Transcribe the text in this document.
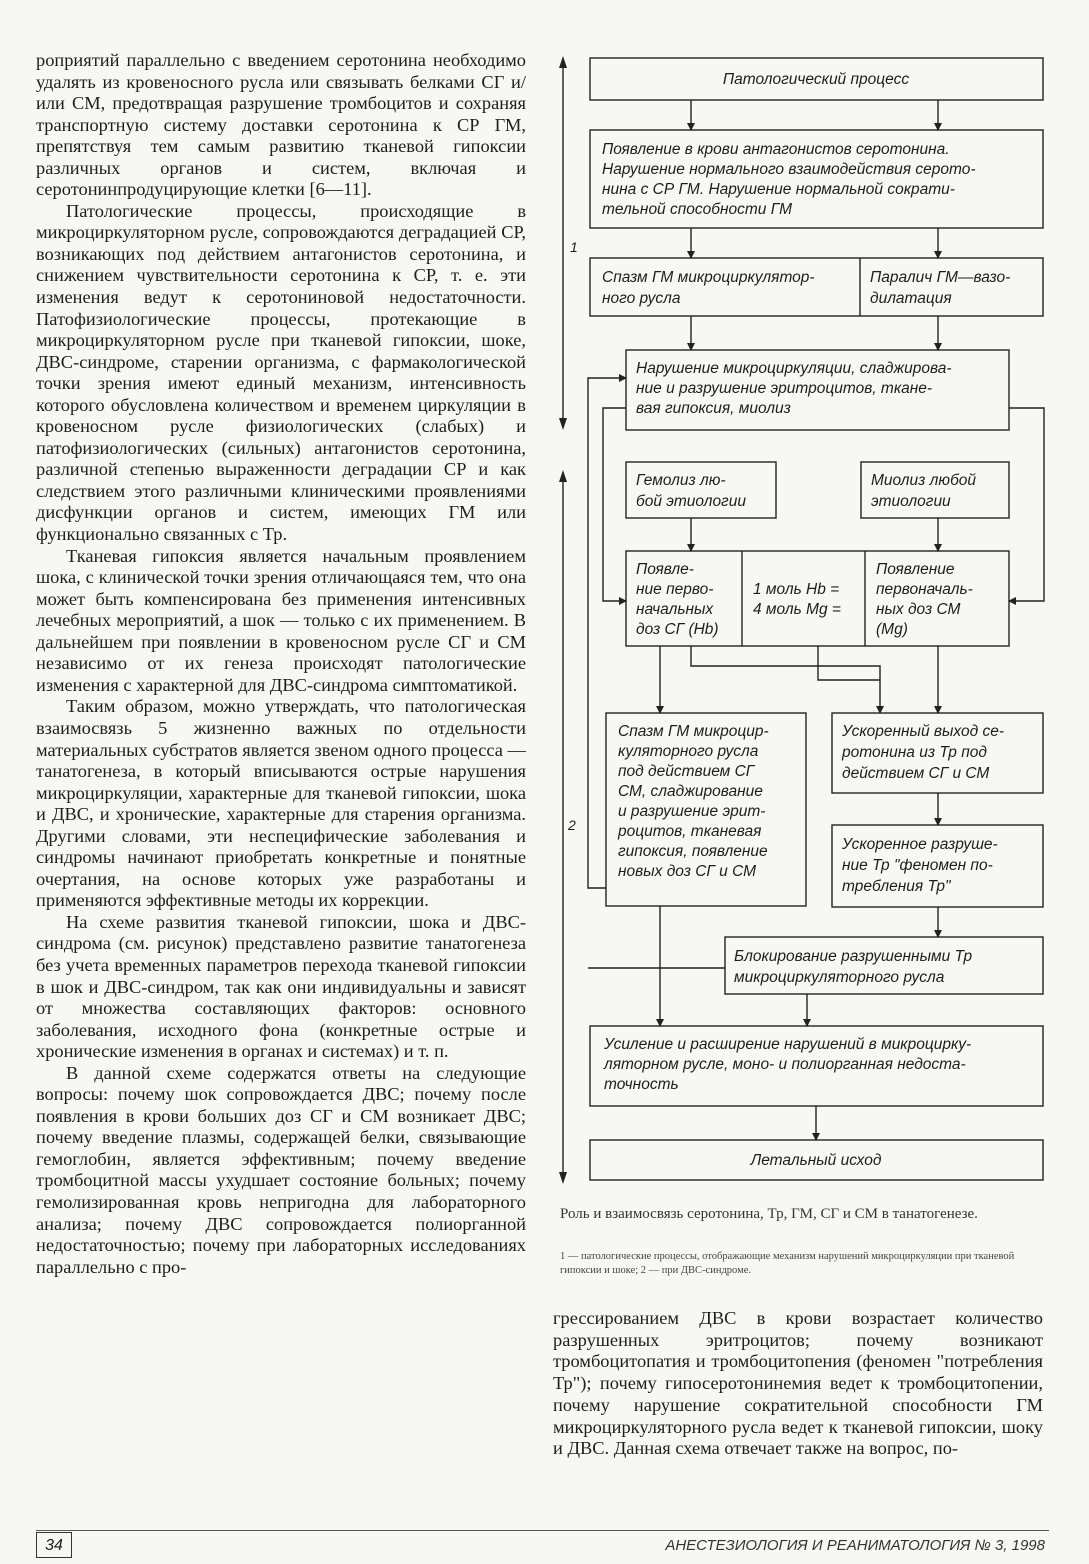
роприятий параллельно с введением серотонина необходимо удалять из кровеносного русла или связывать белками СГ и/или СМ, предотвращая разрушение тромбоцитов и сохраняя транспортную систему доставки серотонина к СР ГМ, препятствуя тем самым развитию тканевой гипоксии различных органов и систем, включая и серотонинпродуцирующие клетки [6—11].

Патологические процессы, происходящие в микроциркуляторном русле, сопровождаются деградацией СР, возникающих под действием антагонистов серотонина, и снижением чувствительности серотонина к СР, т. е. эти изменения ведут к серотониновой недостаточности. Патофизиологические процессы, протекающие в микроциркуляторном русле при тканевой гипоксии, шоке, ДВС-синдроме, старении организма, с фармакологической точки зрения имеют единый механизм, интенсивность которого обусловлена количеством и временем циркуляции в кровеносном русле физиологических (слабых) и патофизиологических (сильных) антагонистов серотонина, различной степенью выраженности деградации СР и как следствием этого различными клиническими проявлениями дисфункции органов и систем, имеющих ГМ или функционально связанных с Тр.

Тканевая гипоксия является начальным проявлением шока, с клинической точки зрения отличающаяся тем, что она может быть компенсирована без применения интенсивных лечебных мероприятий, а шок — только с их применением. В дальнейшем при появлении в кровеносном русле СГ и СМ независимо от их генеза происходят патологические изменения с характерной для ДВС-синдрома симптоматикой.

Таким образом, можно утверждать, что патологическая взаимосвязь 5 жизненно важных по отдельности материальных субстратов является звеном одного процесса — танатогенеза, в который вписываются острые нарушения микроциркуляции, характерные для тканевой гипоксии, шока и ДВС, и хронические, характерные для старения организма. Другими словами, эти неспецифические заболевания и синдромы начинают приобретать конкретные и понятные очертания, на основе которых уже разработаны и применяются эффективные методы их коррекции.

На схеме развития тканевой гипоксии, шока и ДВС-синдрома (см. рисунок) представлено развитие танатогенеза без учета временных параметров перехода тканевой гипоксии в шок и ДВС-синдром, так как они индивидуальны и зависят от множества составляющих факторов: основного заболевания, исходного фона (конкретные острые и хронические изменения в органах и системах) и т. п.

В данной схеме содержатся ответы на следующие вопросы: почему шок сопровождается ДВС; почему после появления в крови больших доз СГ и СМ возникает ДВС; почему введение плазмы, содержащей белки, связывающие гемоглобин, является эффективным; почему введение тромбоцитной массы ухудшает состояние больных; почему гемолизированная кровь непригодна для лабораторного анализа; почему ДВС сопровождается полиорганной недостаточностью; почему при лабораторных исследованиях параллельно с про-

Патологический процесс
Появление в крови антагонистов серотонина.
Нарушение нормального взаимодействия серото-
нина с СР ГМ. Нарушение нормальной сократи-
тельной способности ГМ
Спазм ГМ микроциркулятор-
ного русла
Паралич ГМ—вазо-
дилатация
Нарушение микроциркуляции, сладжирова-
ние и разрушение эритроцитов, ткане-
вая гипоксия, миолиз
Гемолиз лю-
бой этиологии
Миолиз любой
этиологии
Появле-
ние перво-
начальных
доз СГ (Hb)
1 моль Hb =
4 моль Mg =
Появление
первоначаль-
ных доз СМ
(Mg)
Спазм ГМ микроцир-
куляторного русла
под действием СГ
СМ, сладжирование
и разрушение эрит-
роцитов, тканевая
гипоксия, появление
новых доз СГ и СМ
Ускоренный выход се-
ротонина из Тр под
действием СГ и СМ
Ускоренное разруше-
ние Тр "феномен по-
требления Тр"
Блокирование разрушенными Тр
микроциркуляторного русла
Усиление и расширение нарушений в микроцирку-
ляторном русле, моно- и полиорганная недоста-
точность
Летальный исход
1
2
Роль и взаимосвязь серотонина, Тр, ГМ, СГ и СМ в танатогенезе.
1 — патологические процессы, отображающие механизм нарушений микроциркуляции при тканевой гипоксии и шоке; 2 — при ДВС-синдроме.

грессированием ДВС в крови возрастает количество разрушенных эритроцитов; почему возникают тромбоцитопатия и тромбоцитопения (феномен "потребления Тр"); почему гипосеротонинемия ведет к тромбоцитопении, почему нарушение сократительной способности ГМ микроциркуляторного русла ведет к тканевой гипоксии, шоку и ДВС. Данная схема отвечает также на вопрос, по-

34	АНЕСТЕЗИОЛОГИЯ И РЕАНИМАТОЛОГИЯ № 3, 1998
